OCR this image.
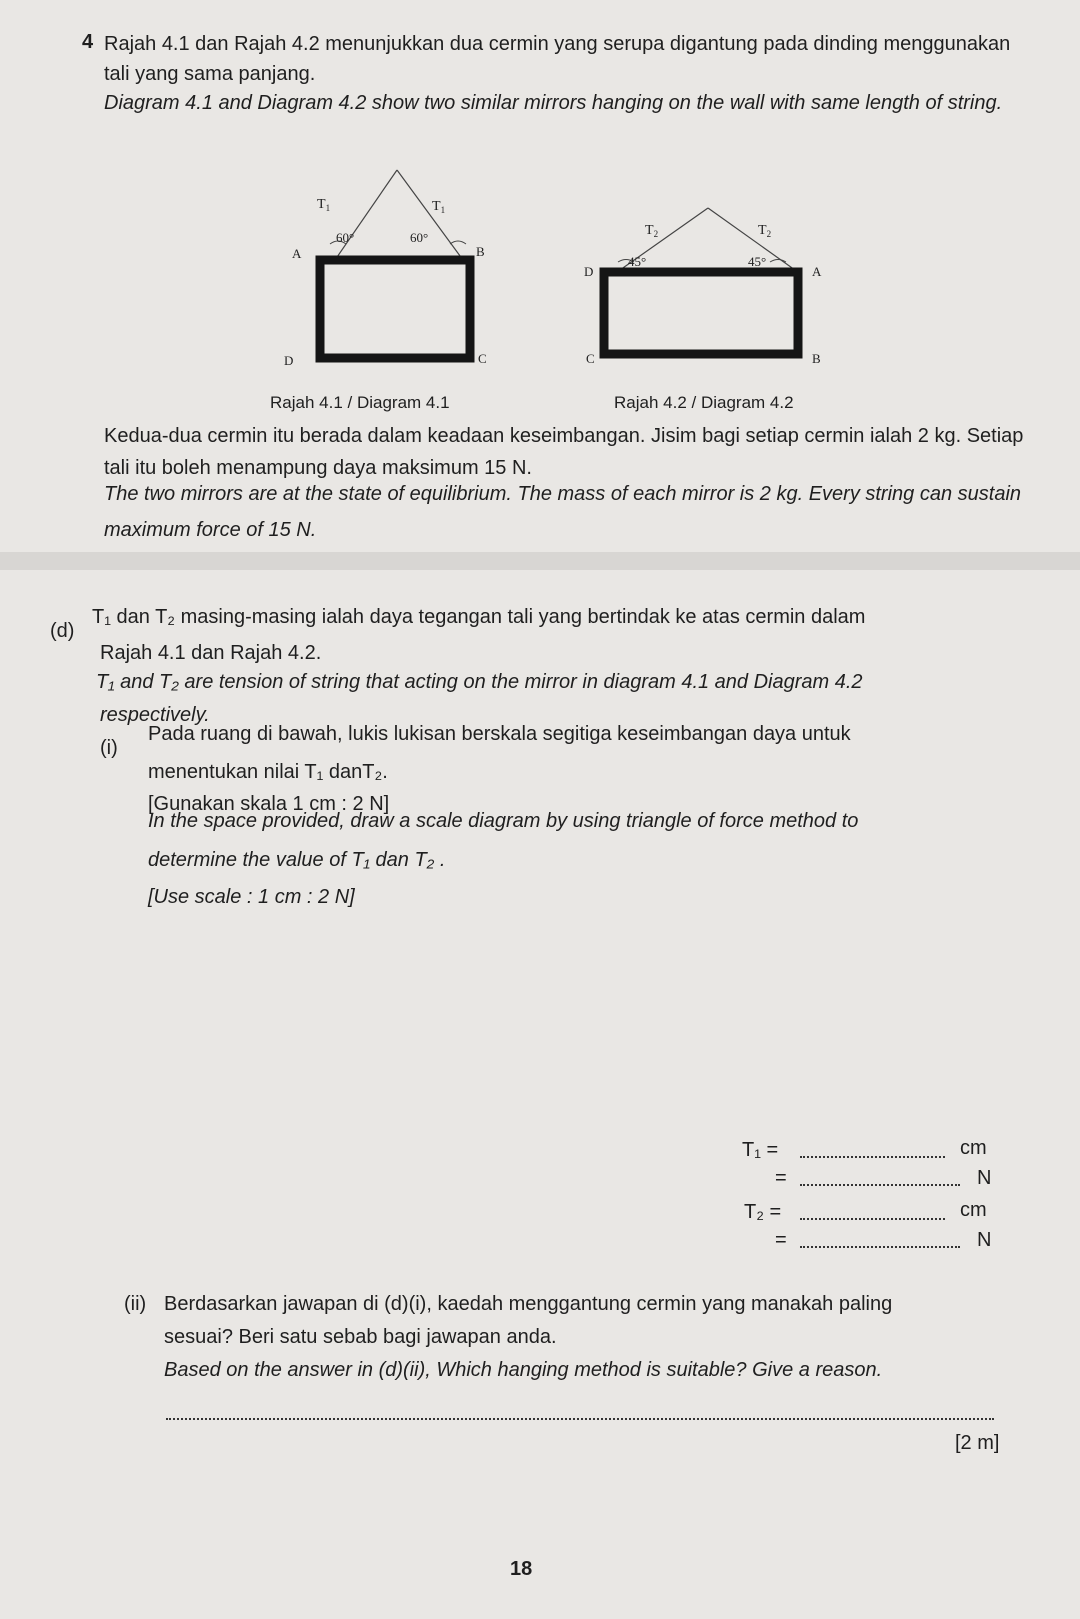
4 Rajah 4.1 dan Rajah 4.2 menunjukkan dua cermin yang serupa digantung pada dinding menggunakan tali yang sama panjang.
Diagram 4.1 and Diagram 4.2 show two similar mirrors hanging on the wall with same length of string.
$T_1$	$T_1$
60°	60°
A	B
D	C
Rajah 4.1 / Diagram 4.1
$T_2$	$T_2$
45°	45°
D	A
C	B
Rajah 4.2 / Diagram 4.2
Kedua-dua cermin itu berada dalam keadaan keseimbangan. Jisim bagi setiap cermin ialah 2 kg. Setiap tali itu boleh menampung daya maksimum 15 N.
The two mirrors are at the state of equilibrium. The mass of each mirror is 2 kg. Every string can sustain maximum force of 15 N.
(d)
T₁ dan T₂ masing-masing ialah daya tegangan tali yang bertindak ke atas cermin dalam
Rajah 4.1 dan Rajah 4.2.
T₁ and T₂ are tension of string that acting on the mirror in diagram 4.1 and Diagram 4.2
respectively.
(i)
Pada ruang di bawah, lukis lukisan berskala segitiga keseimbangan daya untuk
menentukan nilai T₁ danT₂.
[Gunakan skala 1 cm : 2 N]
In the space provided, draw a scale diagram by using triangle of force method to
determine the value of T₁ dan T₂ .
[Use scale : 1 cm : 2 N]
T₁ =	cm
=	N
T₂ =	cm
=	N
(ii) Berdasarkan jawapan di (d)(i), kaedah menggantung cermin yang manakah paling
sesuai? Beri satu sebab bagi jawapan anda.
Based on the answer in (d)(ii), Which hanging method is suitable? Give a reason.
[2 m]
18
